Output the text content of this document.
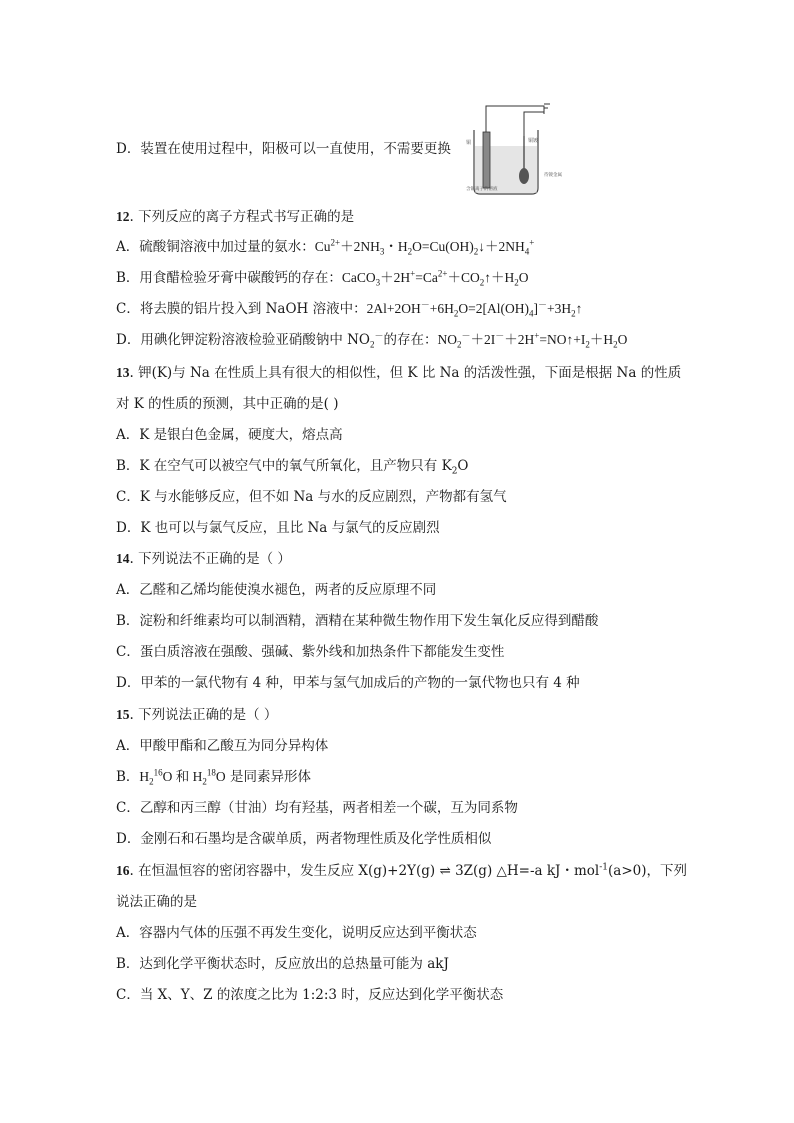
D．装置在使用过程中，阳极可以一直使用，不需要更换	铜	铜镀
含铜离子的溶液
待镀金属
12. 下列反应的离子方程式书写正确的是
A．硫酸铜溶液中加过量的氨水：$Cu^{2+}+2NH_3$・$H_2O=Cu(OH)_2↓+2NH_4^+$
B．用食醋检验牙膏中碳酸钙的存在：$CaCO_3+2H^+=Ca^{2+}+CO_2↑+H_2O$
C．将去膜的铝片投入到 NaOH 溶液中：$2Al+2OH^-+6H_2O=2[Al(OH)_4]^-+3H_2↑$
D．用碘化钾淀粉溶液检验亚硝酸钠中 $NO_2^-$的存在：$NO_2^-+2I^-+2H^+=NO↑+I_2+H_2O$
13. 钾(K)与 Na 在性质上具有很大的相似性，但 K 比 Na 的活泼性强，下面是根据 Na 的性质
对 K 的性质的预测，其中正确的是( )
A．K 是银白色金属，硬度大，熔点高
B．K 在空气可以被空气中的氧气所氧化，且产物只有 $K_2O$
C．K 与水能够反应，但不如 Na 与水的反应剧烈，产物都有氢气
D．K 也可以与氯气反应，且比 Na 与氯气的反应剧烈
14. 下列说法不正确的是（ ）
A．乙醛和乙烯均能使溴水褪色，两者的反应原理不同
B．淀粉和纤维素均可以制酒精，酒精在某种微生物作用下发生氧化反应得到醋酸
C．蛋白质溶液在强酸、强碱、紫外线和加热条件下都能发生变性
D．甲苯的一氯代物有 4 种，甲苯与氢气加成后的产物的一氯代物也只有 4 种
15. 下列说法正确的是（ ）
A．甲酸甲酯和乙酸互为同分异构体
B．$H_2^{16}O$ 和 $H_2^{18}O$ 是同素异形体
C．乙醇和丙三醇（甘油）均有羟基，两者相差一个碳，互为同系物
D．金刚石和石墨均是含碳单质，两者物理性质及化学性质相似
16. 在恒温恒容的密闭容器中，发生反应 X(g)+2Y(g) ⇌ 3Z(g) △H=-a kJ・mol$^{-1}$(a>0)，下列
说法正确的是
A．容器内气体的压强不再发生变化，说明反应达到平衡状态
B．达到化学平衡状态时，反应放出的总热量可能为 akJ
C．当 X、Y、Z 的浓度之比为 1:2:3 时，反应达到化学平衡状态
